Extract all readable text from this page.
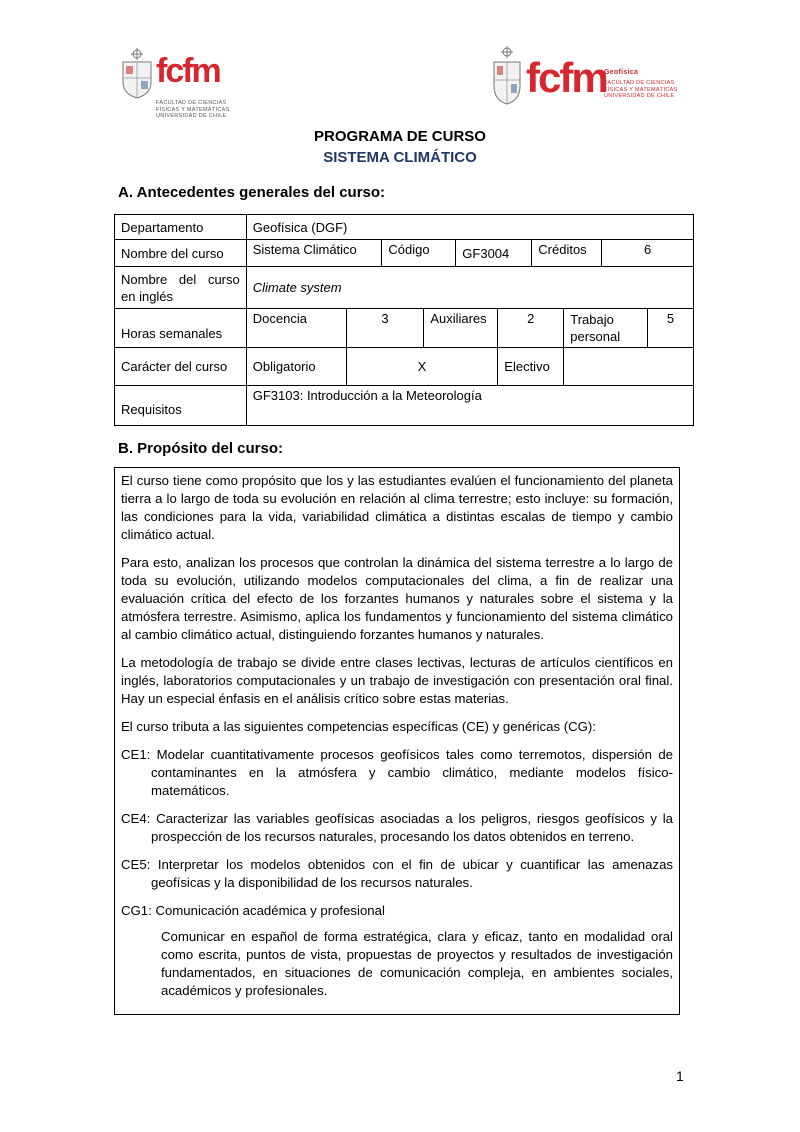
fcfm
FACULTAD DE CIENCIAS FÍSICAS Y MATEMÁTICAS UNIVERSIDAD DE CHILE
fcfm
Geofísica
FACULTAD DE CIENCIAS FÍSICAS Y MATEMÁTICAS UNIVERSIDAD DE CHILE
PROGRAMA DE CURSO
SISTEMA CLIMÁTICO
A. Antecedentes generales del curso:
Departamento	Geofísica (DGF)									
Nombre del curso	Sistema Climático		Código		GF3004		Créditos		6	
Nombre del curso en inglés	Climate system									
Horas semanales	Docencia	3		Auxiliares		2		Trabajo personal		5
Carácter del curso	Obligatorio	X				Electivo				
Requisitos	GF3103: Introducción a la Meteorología									
B. Propósito del curso:

El curso tiene como propósito que los y las estudiantes evalúen el funcionamiento del planeta tierra a lo largo de toda su evolución en relación al clima terrestre; esto incluye: su formación, las condiciones para la vida, variabilidad climática a distintas escalas de tiempo y cambio climático actual.

Para esto, analizan los procesos que controlan la dinámica del sistema terrestre a lo largo de toda su evolución, utilizando modelos computacionales del clima, a fin de realizar una evaluación crítica del efecto de los forzantes humanos y naturales sobre el sistema y la atmósfera terrestre. Asimismo, aplica los fundamentos y funcionamiento del sistema climático al cambio climático actual, distinguiendo forzantes humanos y naturales.

La metodología de trabajo se divide entre clases lectivas, lecturas de artículos científicos en inglés, laboratorios computacionales y un trabajo de investigación con presentación oral final. Hay un especial énfasis en el análisis crítico sobre estas materias.

El curso tributa a las siguientes competencias específicas (CE) y genéricas (CG):

CE1: Modelar cuantitativamente procesos geofísicos tales como terremotos, dispersión de contaminantes en la atmósfera y cambio climático, mediante modelos físico-matemáticos.

CE4: Caracterizar las variables geofísicas asociadas a los peligros, riesgos geofísicos y la prospección de los recursos naturales, procesando los datos obtenidos en terreno.

CE5: Interpretar los modelos obtenidos con el fin de ubicar y cuantificar las amenazas geofísicas y la disponibilidad de los recursos naturales.

CG1: Comunicación académica y profesional

Comunicar en español de forma estratégica, clara y eficaz, tanto en modalidad oral como escrita, puntos de vista, propuestas de proyectos y resultados de investigación fundamentados, en situaciones de comunicación compleja, en ambientes sociales, académicos y profesionales.

1
